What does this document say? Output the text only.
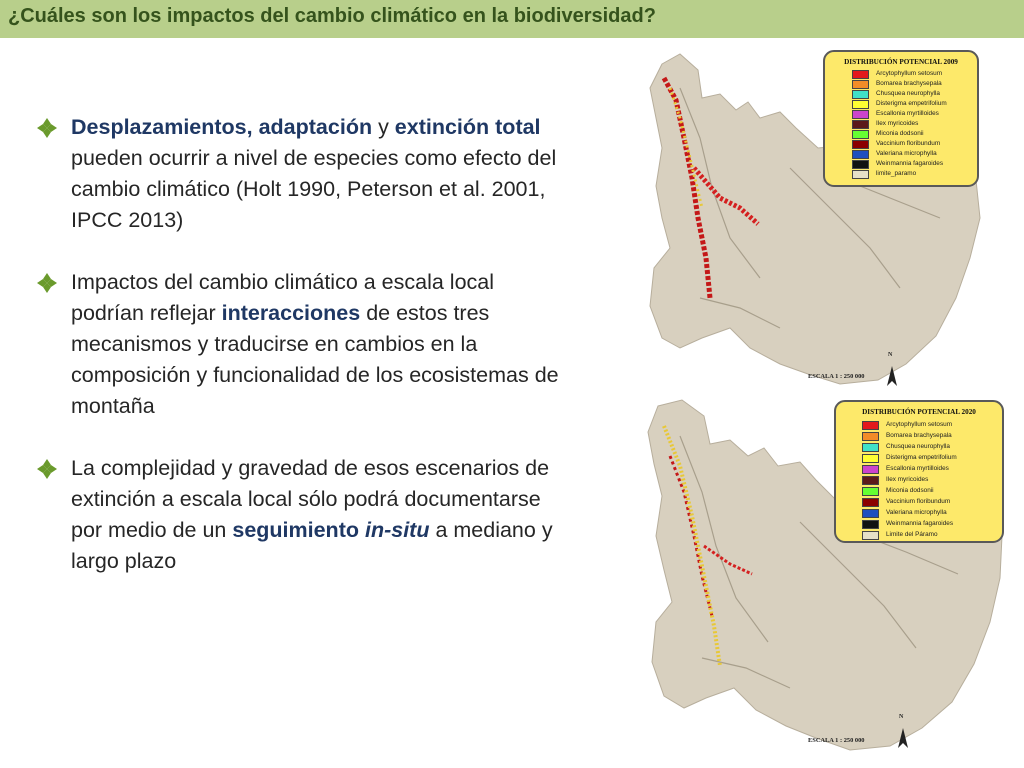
¿Cuáles son los impactos del cambio climático en la biodiversidad?
Desplazamientos, adaptación y extinción total pueden ocurrir a nivel de especies como efecto del cambio climático (Holt 1990, Peterson et al. 2001, IPCC 2013)
Impactos del cambio climático a escala local podrían reflejar interacciones de estos tres mecanismos y traducirse en cambios en la composición y funcionalidad de los ecosistemas de montaña
La complejidad y gravedad de esos escenarios de extinción a escala local sólo podrá documentarse por medio de un seguimiento in-situ a mediano y largo plazo
DISTRIBUCIÓN POTENCIAL 2009
Arcytophyllum setosum
Bomarea brachysepala
Chusquea neurophylla
Disterigma empetrifolium
Escallonia myrtilloides
Ilex myricoides
Miconia dodsonii
Vaccinium floribundum
Valeriana microphylla
Weinmannia fagaroides
limite_paramo
ESCALA 1 : 250 000
N
DISTRIBUCIÓN POTENCIAL 2020
Arcytophyllum setosum
Bomarea brachysepala
Chusquea neurophylla
Disterigma empetrifolium
Escallonia myrtilloides
Ilex myricoides
Miconia dodsonii
Vaccinium floribundum
Valeriana microphylla
Weinmannia fagaroides
Limite del Páramo
ESCALA 1 : 250 000
N
